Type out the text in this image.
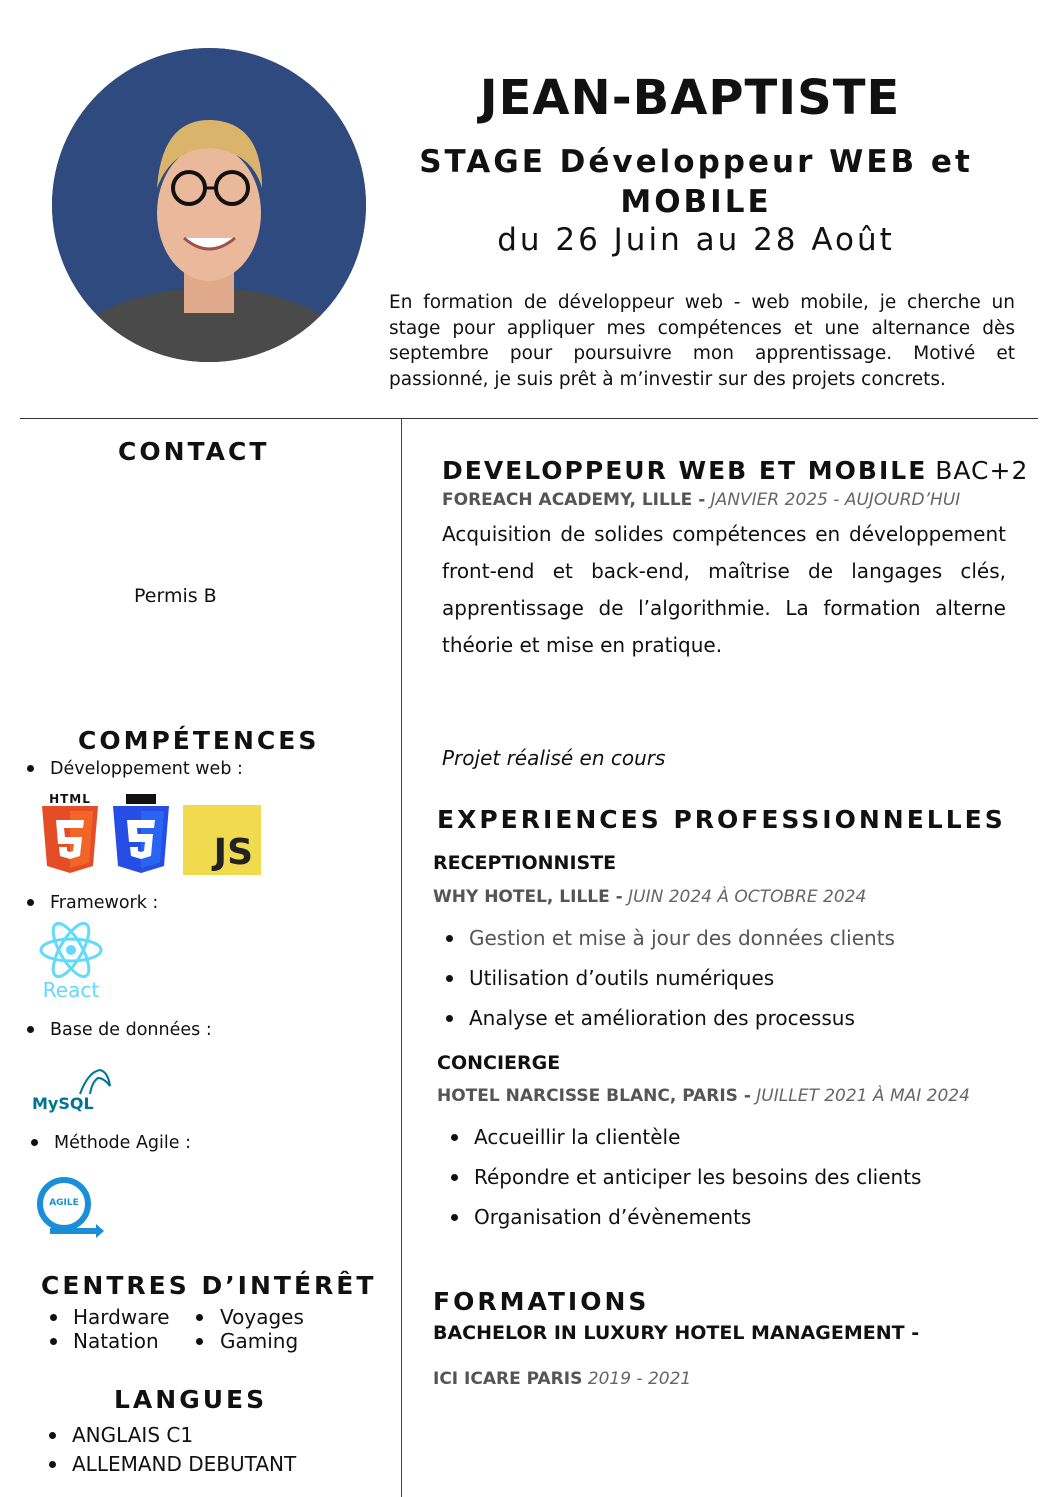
JEAN-BAPTISTE
STAGE Développeur WEB et MOBILE
du 26 Juin au 28 Août
En formation de développeur web - web mobile, je cherche un stage pour appliquer mes compétences et une alternance dès septembre pour poursuivre mon apprentissage. Motivé et passionné, je suis prêt à m’investir sur des projets concrets.
CONTACT
Permis B
COMPÉTENCES
Développement web :
HTML
JS
Framework :
React
Base de données :
MySQL
Méthode Agile :
AGILE
CENTRES D’INTÉRÊT
Hardware	Voyages
Natation	Gaming
LANGUES
ANGLAIS C1
ALLEMAND DEBUTANT
DEVELOPPEUR WEB ET MOBILE BAC+2
FOREACH ACADEMY, LILLE - JANVIER 2025 - AUJOURD’HUI
Acquisition de solides compétences en développement front-end et back-end, maîtrise de langages clés, apprentissage de l’algorithmie. La formation alterne théorie et mise en pratique.
Projet réalisé en cours
EXPERIENCES PROFESSIONNELLES
RECEPTIONNISTE
WHY HOTEL, LILLE - JUIN 2024 À OCTOBRE 2024
Gestion et mise à jour des données clients
Utilisation d’outils numériques
Analyse et amélioration des processus
CONCIERGE
HOTEL NARCISSE BLANC, PARIS - JUILLET 2021 À MAI 2024
Accueillir la clientèle
Répondre et anticiper les besoins des clients
Organisation d’évènements
FORMATIONS
BACHELOR IN LUXURY HOTEL MANAGEMENT -
ICI ICARE PARIS 2019 - 2021
